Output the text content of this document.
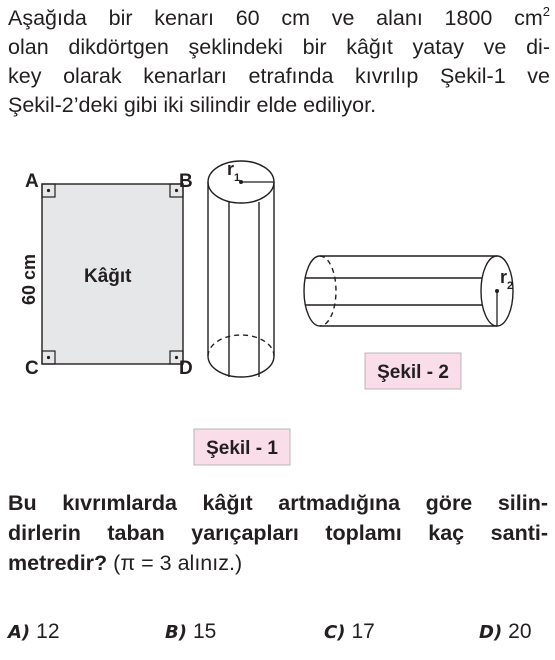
Aşağıda bir kenarı 60 cm ve alanı 1800 $cm^2$
olan dikdörtgen şeklindeki bir kâğıt yatay ve di-
key olarak kenarları etrafında kıvrılıp Şekil-1 ve
Şekil-2’deki gibi iki silindir elde ediliyor.
A	B
C	D
60 cm Kâğıt
$r_1$
$r_2$
Şekil - 2
Şekil - 1
Bu kıvrımlarda kâğıt artmadığına göre silin-
dirlerin taban yarıçapları toplamı kaç santi-
metredir? (π = 3 alınız.)
A) 12	B) 15	C) 17	D) 20
